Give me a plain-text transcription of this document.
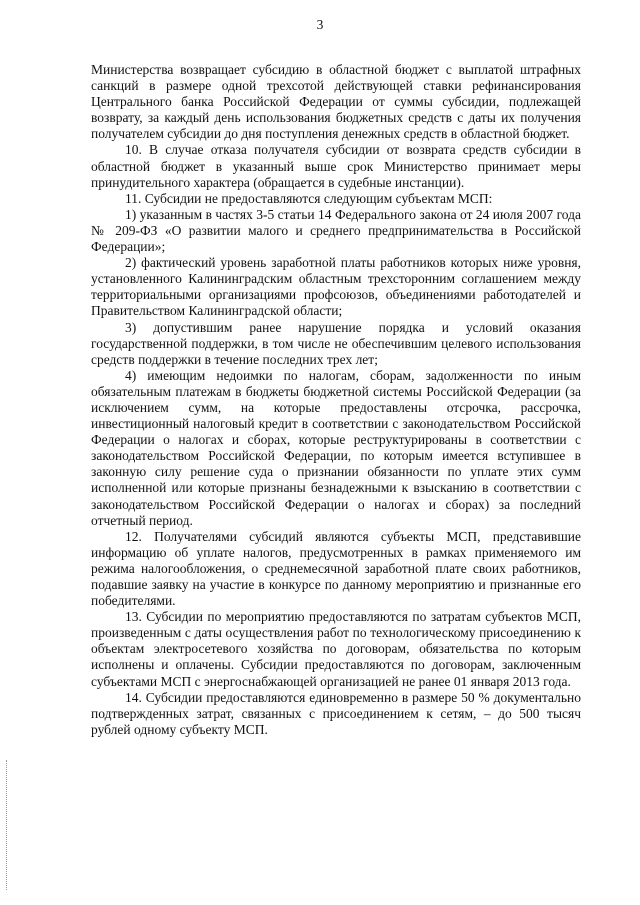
3

Министерства возвращает субсидию в областной бюджет с выплатой штрафных санкций в размере одной трехсотой действующей ставки рефинансирования Центрального банка Российской Федерации от суммы субсидии, подлежащей возврату, за каждый день использования бюджетных средств с даты их получения получателем субсидии до дня поступления денежных средств в областной бюджет.

10. В случае отказа получателя субсидии от возврата средств субсидии в областной бюджет в указанный выше срок Министерство принимает меры принудительного характера (обращается в судебные инстанции).

11. Субсидии не предоставляются следующим субъектам МСП:

1) указанным в частях 3-5 статьи 14 Федерального закона от 24 июля 2007 года № 209-ФЗ «О развитии малого и среднего предпринимательства в Российской Федерации»;

2) фактический уровень заработной платы работников которых ниже уровня, установленного Калининградским областным трехсторонним соглашением между территориальными организациями профсоюзов, объединениями работодателей и Правительством Калининградской области;

3) допустившим ранее нарушение порядка и условий оказания государственной поддержки, в том числе не обеспечившим целевого использования средств поддержки в течение последних трех лет;

4) имеющим недоимки по налогам, сборам, задолженности по иным обязательным платежам в бюджеты бюджетной системы Российской Федерации (за исключением сумм, на которые предоставлены отсрочка, рассрочка, инвестиционный налоговый кредит в соответствии с законодательством Российской Федерации о налогах и сборах, которые реструктурированы в соответствии с законодательством Российской Федерации, по которым имеется вступившее в законную силу решение суда о признании обязанности по уплате этих сумм исполненной или которые признаны безнадежными к взысканию в соответствии с законодательством Российской Федерации о налогах и сборах) за последний отчетный период.

12. Получателями субсидий являются субъекты МСП, представившие информацию об уплате налогов, предусмотренных в рамках применяемого им режима налогообложения, о среднемесячной заработной плате своих работников, подавшие заявку на участие в конкурсе по данному мероприятию и признанные его победителями.

13. Субсидии по мероприятию предоставляются по затратам субъектов МСП, произведенным с даты осуществления работ по технологическому присоединению к объектам электросетевого хозяйства по договорам, обязательства по которым исполнены и оплачены. Субсидии предоставляются по договорам, заключенным субъектами МСП с энергоснабжающей организацией не ранее 01 января 2013 года.

14. Субсидии предоставляются единовременно в размере 50 % документально подтвержденных затрат, связанных с присоединением к сетям, – до 500 тысяч рублей одному субъекту МСП.
